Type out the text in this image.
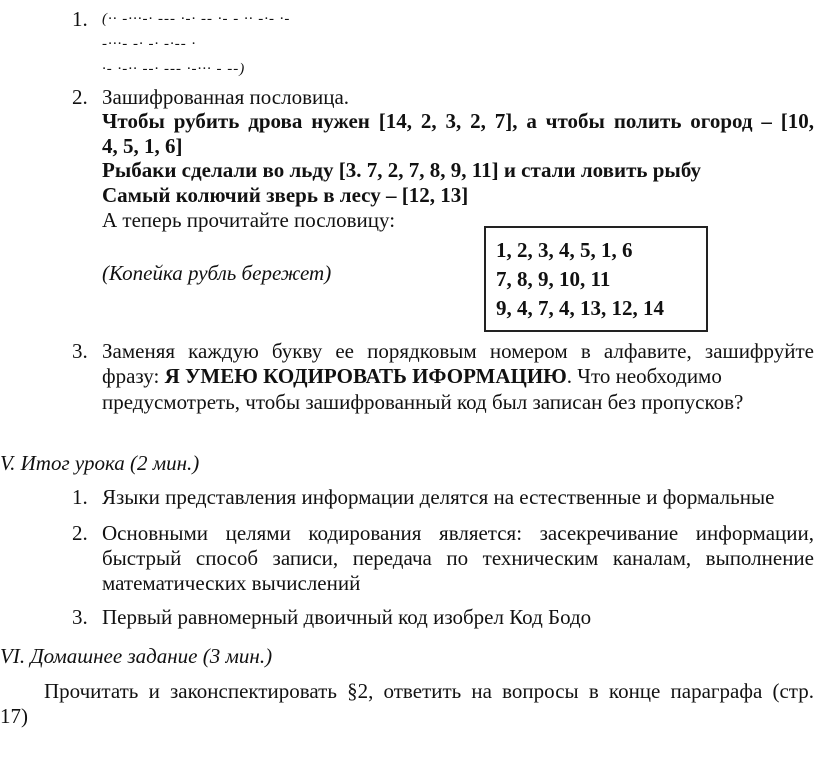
1. (·· -···-· --- ·-· -- ·- - ·· -·- ·-
-···- -· -· -·-- ·
·- ·-·· --· --- ·-··· - --)
2. Зашифрованная пословица.
Чтобы рубить дрова нужен [14, 2, 3, 2, 7], а чтобы полить огород – [10,
4, 5, 1, 6]
Рыбаки сделали во льду [3. 7, 2, 7, 8, 9, 11] и стали ловить рыбу
Самый колючий зверь в лесу – [12, 13]
А теперь прочитайте пословицу:
(Копейка рубль бережет)
1, 2, 3, 4, 5, 1, 6
7, 8, 9, 10, 11
9, 4, 7, 4, 13, 12, 14
3. Заменяя каждую букву ее порядковым номером в алфавите, зашифруйте
фразу: Я УМЕЮ КОДИРОВАТЬ ИФОРМАЦИЮ. Что необходимо
предусмотреть, чтобы зашифрованный код был записан без пропусков?
V. Итог урока (2 мин.)
1. Языки представления информации делятся на естественные и формальные
2. Основными целями кодирования является: засекречивание информации,
быстрый способ записи, передача по техническим каналам, выполнение
математических вычислений
3. Первый равномерный двоичный код изобрел Код Бодо
VI. Домашнее задание (3 мин.)
Прочитать и законспектировать §2, ответить на вопросы в конце параграфа (стр.
17)
